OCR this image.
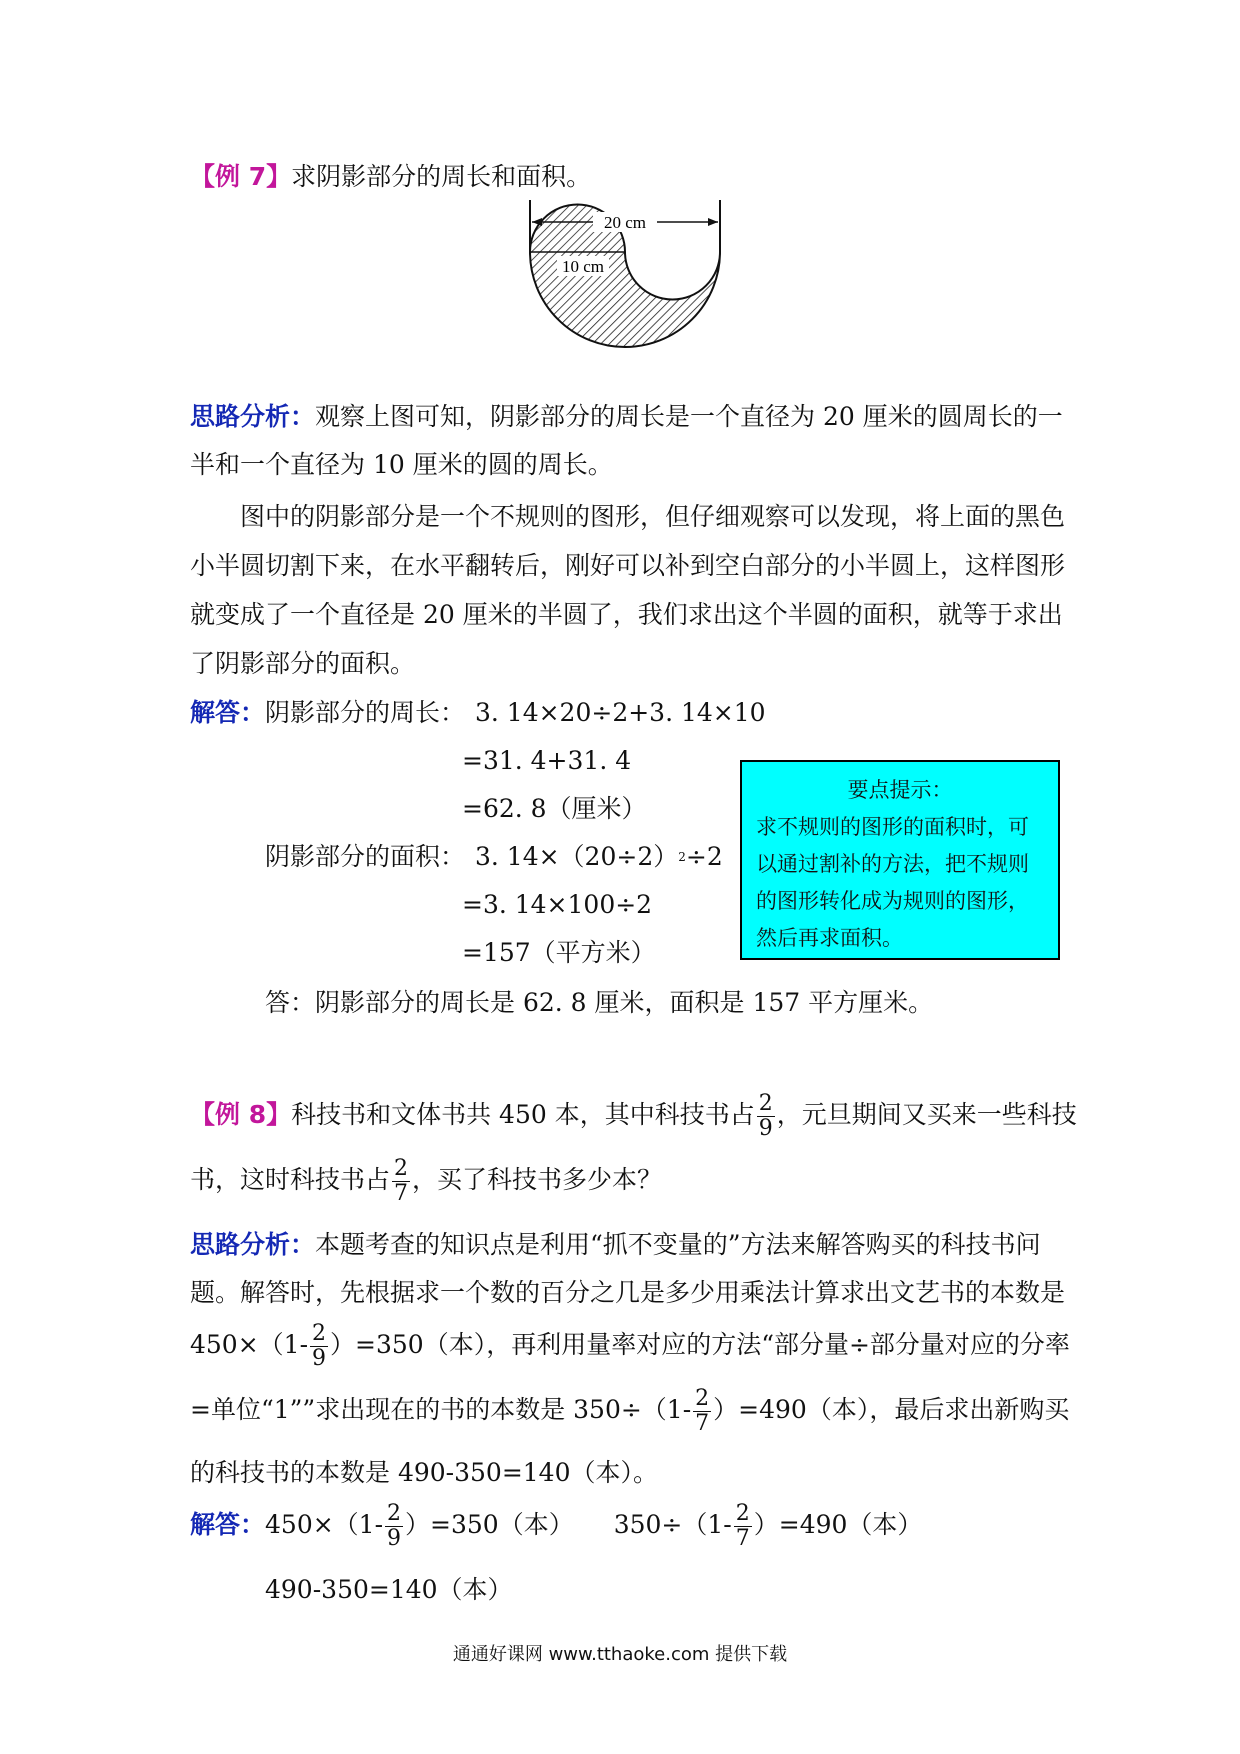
【例 7】求阴影部分的周长和面积。
20 cm
10 cm
思路分析：观察上图可知，阴影部分的周长是一个直径为 20 厘米的圆周长的一
半和一个直径为 10 厘米的圆的周长。
图中的阴影部分是一个不规则的图形，但仔细观察可以发现，将上面的黑色
小半圆切割下来，在水平翻转后，刚好可以补到空白部分的小半圆上，这样图形
就变成了一个直径是 20 厘米的半圆了，我们求出这个半圆的面积，就等于求出
了阴影部分的面积。
解答：阴影部分的周长： 3. 14×20÷2+3. 14×10
=31. 4+31. 4
=62. 8（厘米）
阴影部分的面积： 3. $14\times(20\div 2)^2\div 2$
=3. 14×100÷2
=157（平方米）
答：阴影部分的周长是 62. 8 厘米，面积是 157 平方厘米。
要点提示：
求不规则的图形的面积时，可
以通过割补的方法，把不规则
的图形转化成为规则的图形，
然后再求面积。
【例 8】科技书和文体书共 450 本，其中科技书占 $\frac{2}{9}$ ，元旦期间又买来一些科技
书，这时科技书占 $\frac{2}{7}$ ，买了科技书多少本？
思路分析：本题考查的知识点是利用“抓不变量的”方法来解答购买的科技书问
题。解答时，先根据求一个数的百分之几是多少用乘法计算求出文艺书的本数是
$450\times(1- \frac{2}{9} )=350$（本），再利用量率对应的方法“部分量÷部分量对应的分率
=单位“1””求出现在的书的本数是 $350\div(1- \frac{2}{7} )=490$（本），最后求出新购买
的科技书的本数是 490-350=140（本）。
解答：$450\times(1- \frac{2}{9} )=350$（本） $350\div(1- \frac{2}{7} )=490$（本）
490-350=140（本）
通通好课网 www.tthaoke.com 提供下载
